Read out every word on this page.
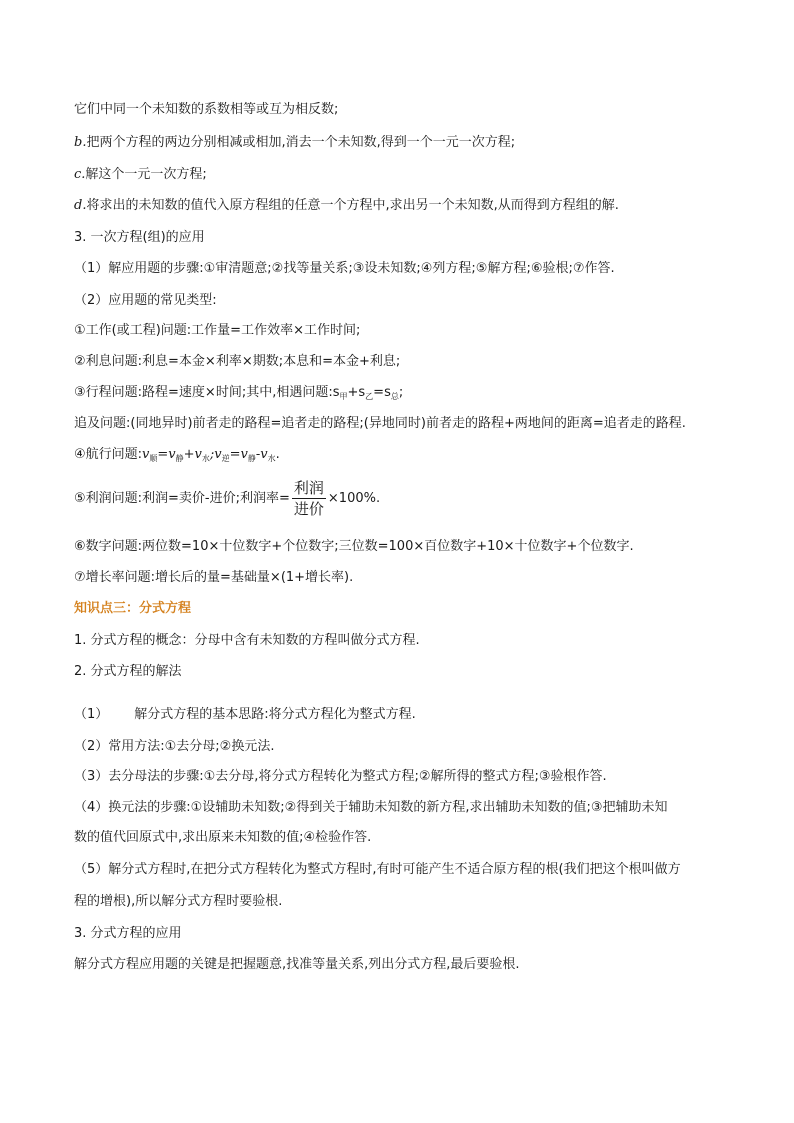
它们中同一个未知数的系数相等或互为相反数;
b.把两个方程的两边分别相减或相加,消去一个未知数,得到一个一元一次方程;
c.解这个一元一次方程;
d.将求出的未知数的值代入原方程组的任意一个方程中,求出另一个未知数,从而得到方程组的解.
3. 一次方程(组)的应用
（1）解应用题的步骤:①审清题意;②找等量关系;③设未知数;④列方程;⑤解方程;⑥验根;⑦作答.
（2）应用题的常见类型:
①工作(或工程)问题:工作量=工作效率×工作时间;
②利息问题:利息=本金×利率×期数;本息和=本金+利息;
③行程问题:路程=速度×时间;其中,相遇问题$:s_甲+s_乙=s_总$;
追及问题:(同地异时)前者走的路程=追者走的路程;(异地同时)前者走的路程+两地间的距离=追者走的路程.
④航行问题$:v_顺=v_静+v_水;v_逆=v_静-v_水$.
⑤利润问题:利润=卖价-进价;利润率= $\frac{\text{利润}}{\text{进价}} \times 100\%$.
⑥数字问题:两位数=10×十位数字+个位数字;三位数=100×百位数字+10×十位数字+个位数字.
⑦增长率问题:增长后的量=基础量×(1+增长率).
知识点三：分式方程
1. 分式方程的概念：分母中含有未知数的方程叫做分式方程.
2. 分式方程的解法
（1） 解分式方程的基本思路:将分式方程化为整式方程.
（2）常用方法:①去分母;②换元法.
（3）去分母法的步骤:①去分母,将分式方程转化为整式方程;②解所得的整式方程;③验根作答.
（4）换元法的步骤:①设辅助未知数;②得到关于辅助未知数的新方程,求出辅助未知数的值;③把辅助未知
数的值代回原式中,求出原来未知数的值;④检验作答.
（5）解分式方程时,在把分式方程转化为整式方程时,有时可能产生不适合原方程的根(我们把这个根叫做方
程的增根),所以解分式方程时要验根.
3. 分式方程的应用
解分式方程应用题的关键是把握题意,找准等量关系,列出分式方程,最后要验根.
